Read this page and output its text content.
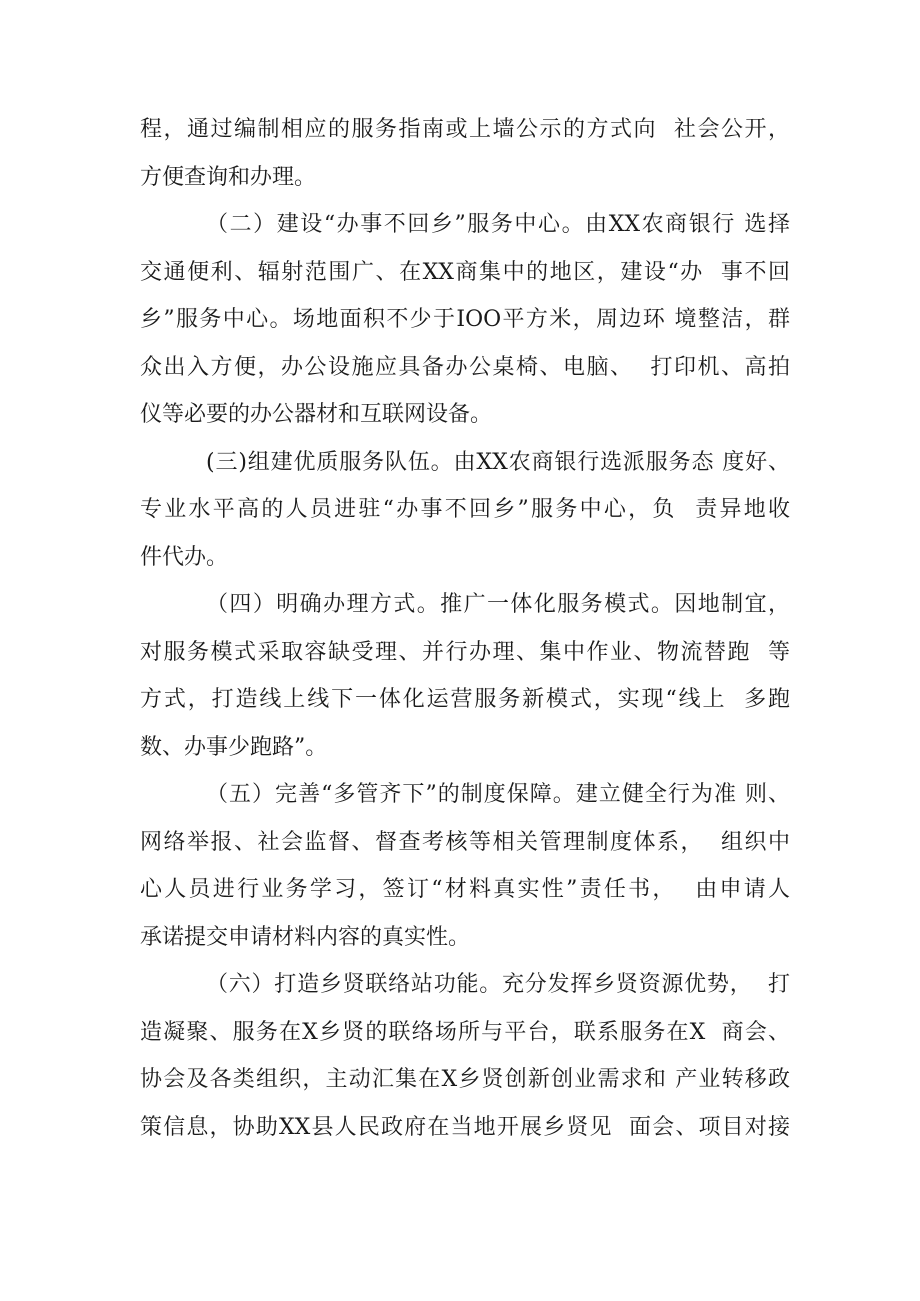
程，通过编制相应的服务指南或上墙公示的方式向  社会公开，
方便查询和办理。
（二）建设“办事不回乡”服务中心。由XX农商银行 选择
交通便利、辐射范围广、在XX商集中的地区，建设“办  事不回
乡”服务中心。场地面积不少于IOO平方米，周边环 境整洁，群
众出入方便，办公设施应具备办公桌椅、电脑、  打印机、高拍
仪等必要的办公器材和互联网设备。
(三)组建优质服务队伍。由XX农商银行选派服务态 度好、
专业水平高的人员进驻“办事不回乡”服务中心，负  责异地收
件代办。
（四）明确办理方式。推广一体化服务模式。因地制宜，
对服务模式采取容缺受理、并行办理、集中作业、物流替跑  等
方式，打造线上线下一体化运营服务新模式，实现“线上  多跑
数、办事少跑路”。
（五）完善“多管齐下”的制度保障。建立健全行为准 则、
网络举报、社会监督、督查考核等相关管理制度体系，  组织中
心人员进行业务学习，签订“材料真实性”责任书，  由申请人
承诺提交申请材料内容的真实性。
（六）打造乡贤联络站功能。充分发挥乡贤资源优势，  打
造凝聚、服务在X乡贤的联络场所与平台，联系服务在X  商会、
协会及各类组织，主动汇集在X乡贤创新创业需求和 产业转移政
策信息，协助XX县人民政府在当地开展乡贤见  面会、项目对接
